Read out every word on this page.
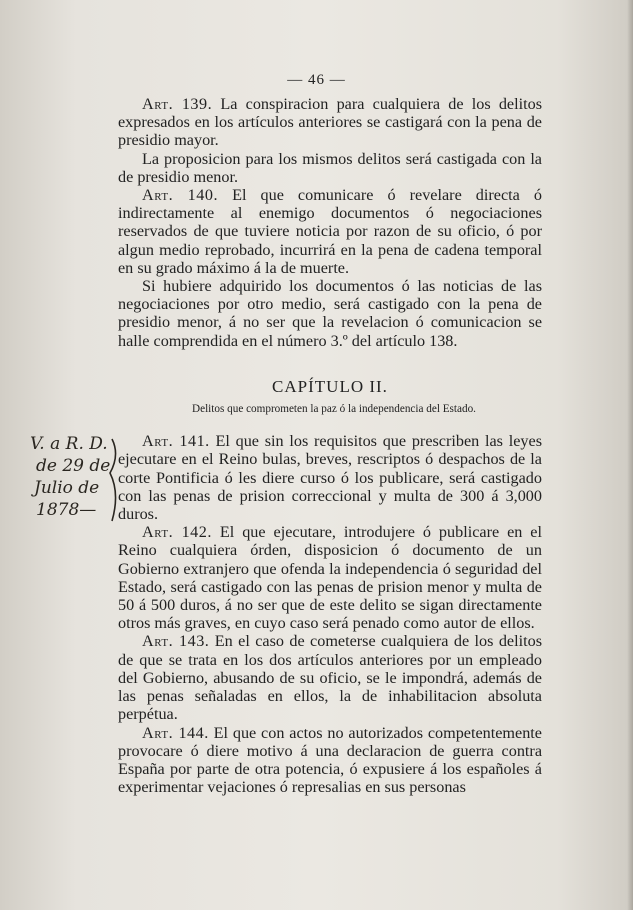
— 46 —

Art. 139. La conspiracion para cualquiera de los delitos expresados en los artículos anteriores se castigará con la pena de presidio mayor.

La proposicion para los mismos delitos será castigada con la de presidio menor.

Art. 140. El que comunicare ó revelare directa ó indirectamente al enemigo documentos ó negociaciones reservados de que tuviere noticia por razon de su oficio, ó por algun medio reprobado, incurrirá en la pena de cadena temporal en su grado máximo á la de muerte.

Si hubiere adquirido los documentos ó las noticias de las negociaciones por otro medio, será castigado con la pena de presidio menor, á no ser que la revelacion ó comunicacion se halle comprendida en el número 3.º del artículo 138.

CAPÍTULO II.
Delitos que comprometen la paz ó la independencia del Estado.

Art. 141. El que sin los requisitos que prescriben las leyes ejecutare en el Reino bulas, breves, rescriptos ó despachos de la corte Pontificia ó les diere curso ó los publicare, será castigado con las penas de prision correccional y multa de 300 á 3,000 duros.

Art. 142. El que ejecutare, introdujere ó publicare en el Reino cualquiera órden, disposicion ó documento de un Gobierno extranjero que ofenda la independencia ó seguridad del Estado, será castigado con las penas de prision menor y multa de 50 á 500 duros, á no ser que de este delito se sigan directamente otros más graves, en cuyo caso será penado como autor de ellos.

Art. 143. En el caso de cometerse cualquiera de los delitos de que se trata en los dos artículos anteriores por un empleado del Gobierno, abusando de su oficio, se le impondrá, además de las penas señaladas en ellos, la de inhabilitacion absoluta perpétua.

Art. 144. El que con actos no autorizados competentemente provocare ó diere motivo á una declaracion de guerra contra España por parte de otra potencia, ó expusiere á los españoles á experimentar vejaciones ó represalias en sus personas

V. a R. D.
de 29 de
Julio de
1878—
